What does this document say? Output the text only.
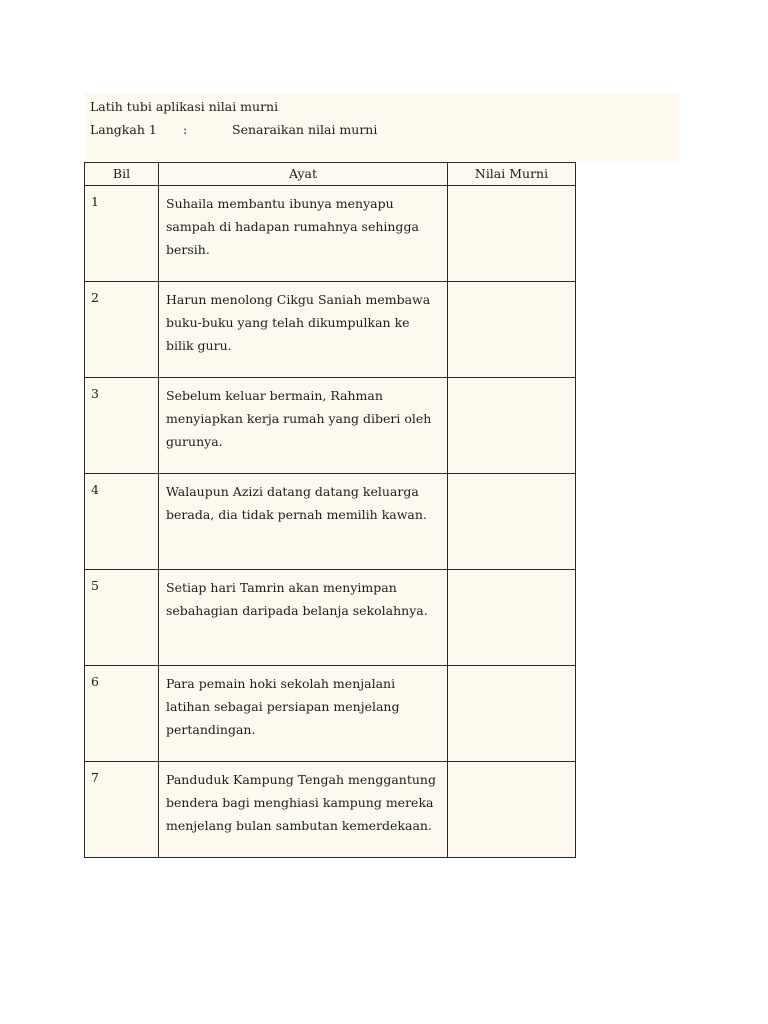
Latih tubi aplikasi nilai murni
Langkah 1 :	Senaraikan nilai murni
Bil	Ayat	Nilai Murni
1	Suhaila membantu ibunya menyapu sampah di hadapan rumahnya sehingga bersih.	
2	Harun menolong Cikgu Saniah membawa buku-buku yang telah dikumpulkan ke bilik guru.	
3	Sebelum keluar bermain, Rahman menyiapkan kerja rumah yang diberi oleh gurunya.	
4	Walaupun Azizi datang datang keluarga berada, dia tidak pernah memilih kawan.	
5	Setiap hari Tamrin akan menyimpan sebahagian daripada belanja sekolahnya.	
6	Para pemain hoki sekolah menjalani latihan sebagai persiapan menjelang pertandingan.	
7	Panduduk Kampung Tengah menggantung bendera bagi menghiasi kampung mereka menjelang bulan sambutan kemerdekaan.	
